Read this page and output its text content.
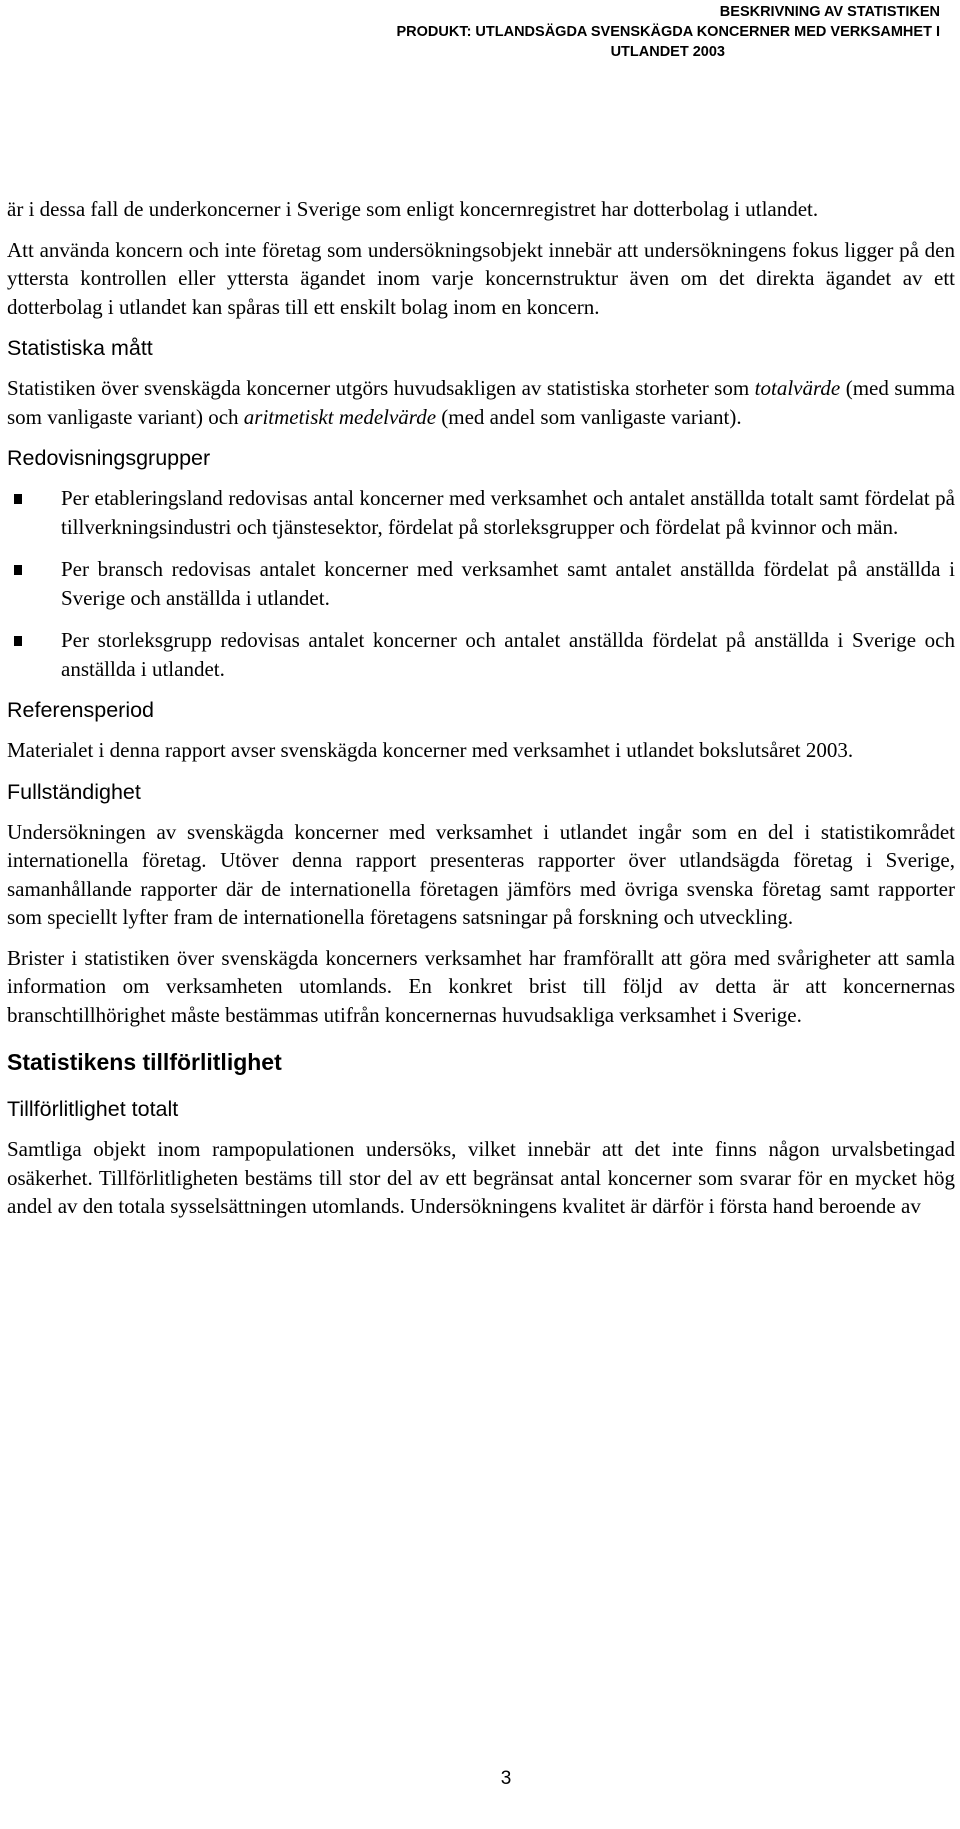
BESKRIVNING AV STATISTIKEN
PRODUKT: UTLANDSÄGDA SVENSKÄGDA KONCERNER MED VERKSAMHET I
UTLANDET 2003

är i dessa fall de underkoncerner i Sverige som enligt koncernregistret har dotterbolag i utlandet.

Att använda koncern och inte företag som undersökningsobjekt innebär att undersökningens fokus ligger på den yttersta kontrollen eller yttersta ägandet inom varje koncernstruktur även om det direkta ägandet av ett dotterbolag i utlandet kan spåras till ett enskilt bolag inom en koncern.

Statistiska mått

Statistiken över svenskägda koncerner utgörs huvudsakligen av statistiska storheter som totalvärde (med summa som vanligaste variant) och aritmetiskt medelvärde (med andel som vanligaste variant).

Redovisningsgrupper

Per etableringsland redovisas antal koncerner med verksamhet och antalet anställda totalt samt fördelat på tillverkningsindustri och tjänstesektor, fördelat på storleksgrupper och fördelat på kvinnor och män.

Per bransch redovisas antalet koncerner med verksamhet samt antalet anställda fördelat på anställda i Sverige och anställda i utlandet.

Per storleksgrupp redovisas antalet koncerner och antalet anställda fördelat på anställda i Sverige och anställda i utlandet.

Referensperiod

Materialet i denna rapport avser svenskägda koncerner med verksamhet i utlandet bokslutsåret 2003.

Fullständighet

Undersökningen av svenskägda koncerner med verksamhet i utlandet ingår som en del i statistikområdet internationella företag. Utöver denna rapport presenteras rapporter över utlandsägda företag i Sverige, samanhållande rapporter där de internationella företagen jämförs med övriga svenska företag samt rapporter som speciellt lyfter fram de internationella företagens satsningar på forskning och utveckling.

Brister i statistiken över svenskägda koncerners verksamhet har framförallt att göra med svårigheter att samla information om verksamheten utomlands. En konkret brist till följd av detta är att koncernernas branschtillhörighet måste bestämmas utifrån koncernernas huvudsakliga verksamhet i Sverige.

Statistikens tillförlitlighet
Tillförlitlighet totalt

Samtliga objekt inom rampopulationen undersöks, vilket innebär att det inte finns någon urvalsbetingad osäkerhet. Tillförlitligheten bestäms till stor del av ett begränsat antal koncerner som svarar för en mycket hög andel av den totala sysselsättningen utomlands. Undersökningens kvalitet är därför i första hand beroende av

3
